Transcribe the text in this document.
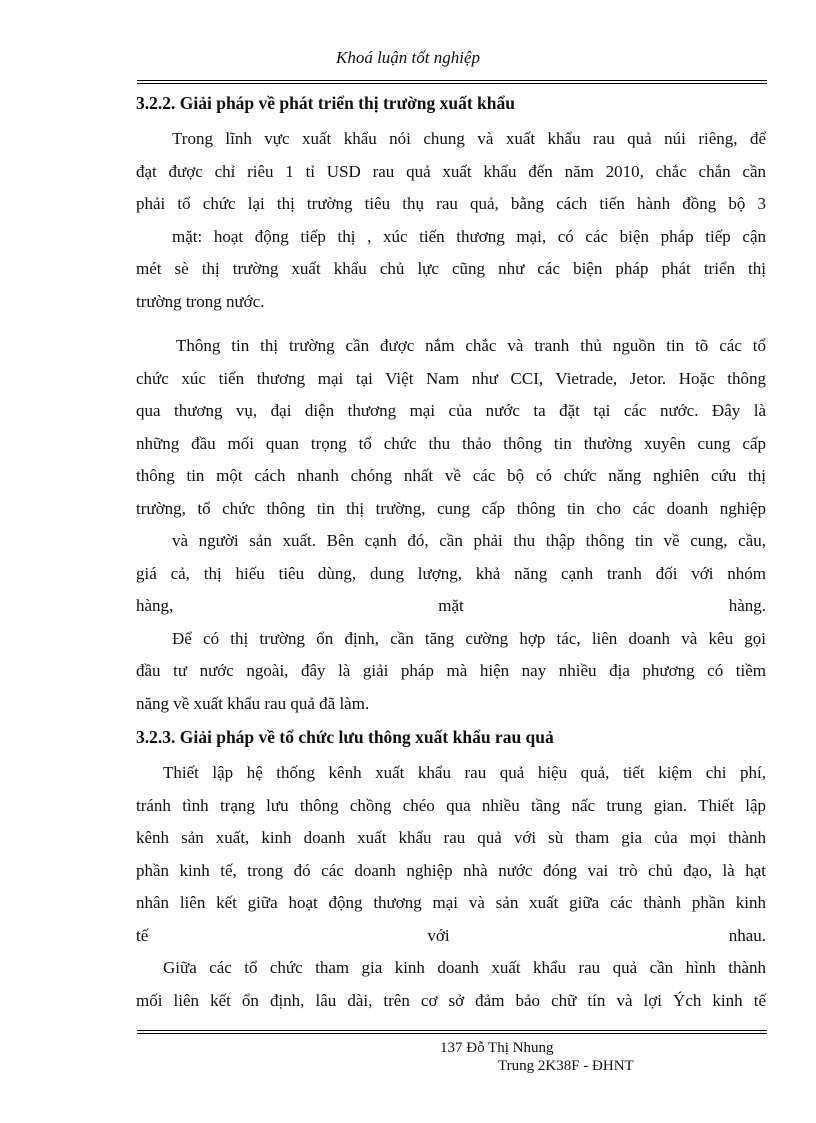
Khoá luận tốt nghiệp
3.2.2. Giải pháp về phát triển thị trường xuất khẩu
Trong lĩnh vực xuất khẩu nói chung và xuất khẩu rau quả núi riêng, để
đạt được chỉ riêu 1 tỉ USD rau quả xuất khẩu đến năm 2010, chắc chắn cần
phải tổ chức lại thị trường tiêu thụ rau quả, bằng cách tiến hành đồng bộ 3
mặt: hoạt động tiếp thị , xúc tiến thương mại, có các biện pháp tiếp cận
mét sè thị trường xuất khẩu chủ lực cũng như các biện pháp phát triển thị
trường trong nước.
Thông tin thị trường cần được nắm chắc và tranh thủ nguồn tin tõ các tổ
chức xúc tiến thương mại tại Việt Nam như CCI, Vietrade, Jetor. Hoặc thông
qua thương vụ, đại diện thương mại của nước ta đặt tại các nước. Đây là
những đầu mối quan trọng tổ chức thu thảo thông tin thường xuyên cung cấp
thông tin một cách nhanh chóng nhất về các bộ có chức năng nghiên cứu thị
trường, tổ chức thông tin thị trường, cung cấp thông tin cho các doanh nghiệp
và người sản xuất. Bên cạnh đó, cần phải thu thập thông tin về cung, cầu,
giá cả, thị hiếu tiêu dùng, dung lượng, khả năng cạnh tranh đối với nhóm
hàng, mặt hàng.
Để có thị trường ổn định, cần tăng cường hợp tác, liên doanh và kêu gọi
đầu tư nước ngoài, đây là giải pháp mà hiện nay nhiều địa phương có tiềm
năng về xuất khẩu rau quả đã làm.
3.2.3. Giải pháp về tổ chức lưu thông xuất khẩu rau quả
Thiết lập hệ thống kênh xuất khẩu rau quả hiệu quả, tiết kiệm chi phí,
tránh tình trạng lưu thông chồng chéo qua nhiều tầng nấc trung gian. Thiết lập
kênh sản xuất, kinh doanh xuất khẩu rau quả với sù tham gia của mọi thành
phần kinh tế, trong đó các doanh nghiệp nhà nước đóng vai trò chủ đạo, là hạt
nhân liên kết giữa hoạt động thương mại và sản xuất giữa các thành phần kinh
tế với nhau.
Giữa các tổ chức tham gia kinh doanh xuất khẩu rau quả cần hình thành
mối liên kết ổn định, lâu dài, trên cơ sở đảm bảo chữ tín và lợi Ých kinh tế
137 Đỗ Thị Nhung
Trung 2K38F - ĐHNT
